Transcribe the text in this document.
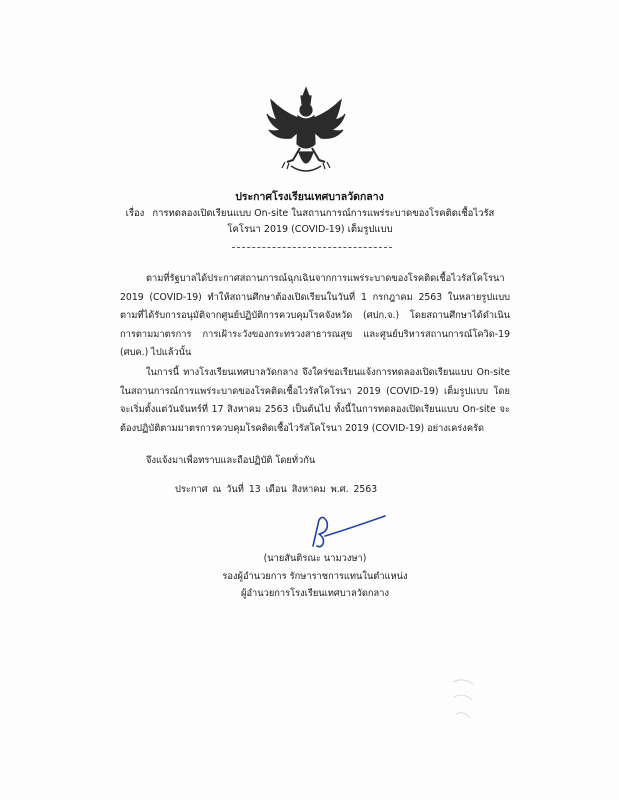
ประกาศโรงเรียนเทศบาลวัดกลาง
เรื่อง การทดลองเปิดเรียนแบบ On-site ในสถานการณ์การแพร่ระบาดของโรคติดเชื้อไวรัสโคโรนา 2019 (COVID-19) เต็มรูปแบบ
ตามที่รัฐบาลได้ประกาศสถานการณ์ฉุกเฉินจากการแพร่ระบาดของโรคติดเชื้อไวรัสโคโรนา 2019 (COVID-19) ทำให้สถานศึกษาต้องเปิดเรียนในวันที่ 1 กรกฎาคม 2563 ในหลายรูปแบบตามที่ได้รับการอนุมัติจากศูนย์ปฏิบัติการควบคุมโรคจังหวัด (ศปก.จ.) โดยสถานศึกษาได้ดำเนินการตามมาตรการ การเฝ้าระวังของกระทรวงสาธารณสุข และศูนย์บริหารสถานการณ์โควิด-19 (ศบค.) ไปแล้วนั้น
ในการนี้ ทางโรงเรียนเทศบาลวัดกลาง จึงใคร่ขอเรียนแจ้งการทดลองเปิดเรียนแบบ On-site ในสถานการณ์การแพร่ระบาดของโรคติดเชื้อไวรัสโคโรนา 2019 (COVID-19) เต็มรูปแบบ โดยจะเริ่มตั้งแต่วันจันทร์ที่ 17 สิงหาคม 2563 เป็นต้นไป ทั้งนี้ในการทดลองเปิดเรียนแบบ On-site จะต้องปฏิบัติตามมาตรการควบคุมโรคติดเชื้อไวรัสโคโรนา 2019 (COVID-19) อย่างเคร่งครัด
จึงแจ้งมาเพื่อทราบและถือปฏิบัติ โดยทั่วกัน
ประกาศ ณ วันที่ 13 เดือน สิงหาคม พ.ศ. 2563
(นายสันติรณะ นามวงษา)
รองผู้อำนวยการ รักษาราชการแทนในตำแหน่ง
ผู้อำนวยการโรงเรียนเทศบาลวัดกลาง
